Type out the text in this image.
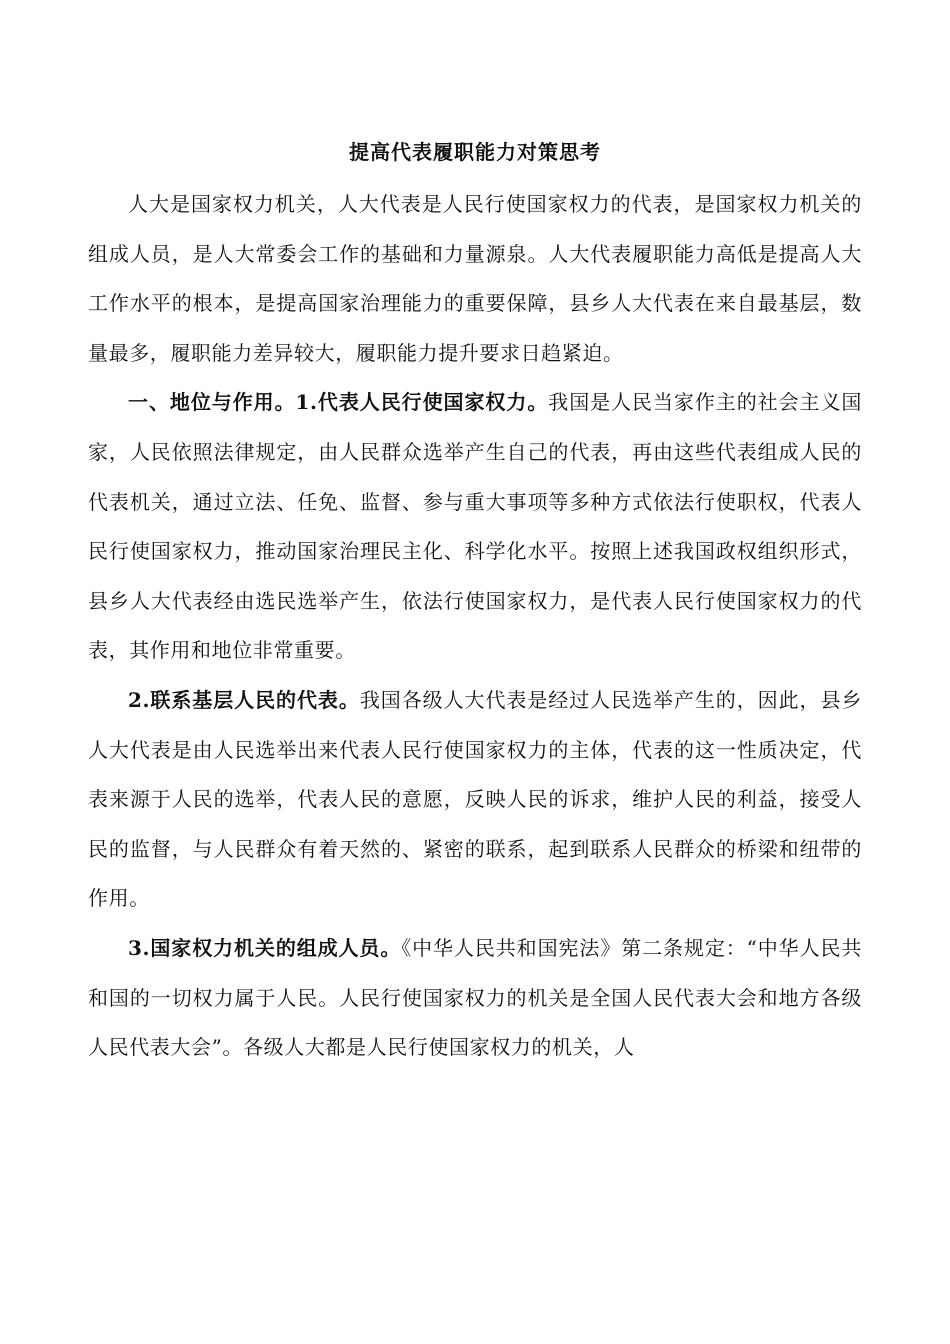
提高代表履职能力对策思考

人大是国家权力机关，人大代表是人民行使国家权力的代表，是国家权力机关的组成人员，是人大常委会工作的基础和力量源泉。人大代表履职能力高低是提高人大工作水平的根本，是提高国家治理能力的重要保障，县乡人大代表在来自最基层，数量最多，履职能力差异较大，履职能力提升要求日趋紧迫。

一、地位与作用。1.代表人民行使国家权力。我国是人民当家作主的社会主义国家，人民依照法律规定，由人民群众选举产生自己的代表，再由这些代表组成人民的代表机关，通过立法、任免、监督、参与重大事项等多种方式依法行使职权，代表人民行使国家权力，推动国家治理民主化、科学化水平。按照上述我国政权组织形式，县乡人大代表经由选民选举产生，依法行使国家权力，是代表人民行使国家权力的代表，其作用和地位非常重要。

2.联系基层人民的代表。我国各级人大代表是经过人民选举产生的，因此，县乡人大代表是由人民选举出来代表人民行使国家权力的主体，代表的这一性质决定，代表来源于人民的选举，代表人民的意愿，反映人民的诉求，维护人民的利益，接受人民的监督，与人民群众有着天然的、紧密的联系，起到联系人民群众的桥梁和纽带的作用。

3.国家权力机关的组成人员。《中华人民共和国宪法》第二条规定：“中华人民共和国的一切权力属于人民。人民行使国家权力的机关是全国人民代表大会和地方各级人民代表大会”。各级人大都是人民行使国家权力的机关，人
